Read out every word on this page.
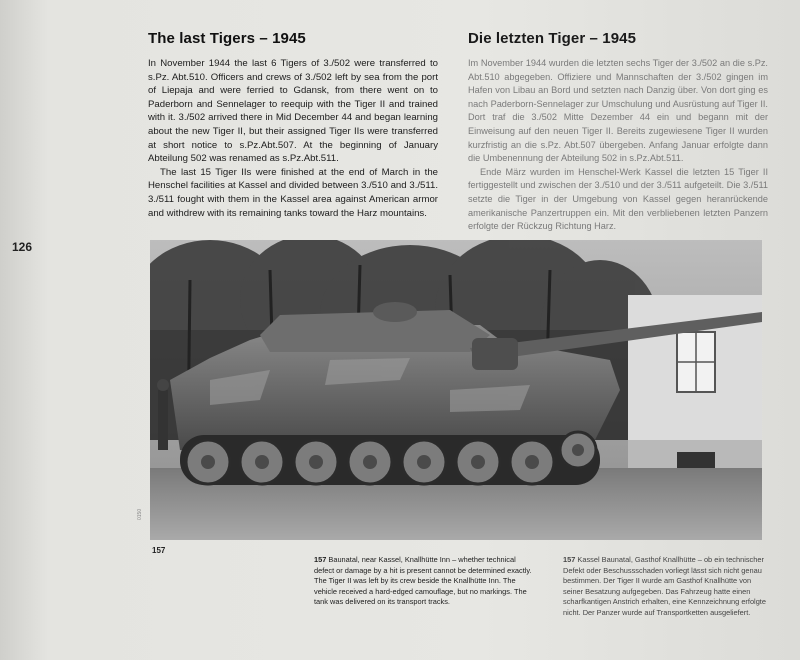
The last Tigers – 1945

In November 1944 the last 6 Tigers of 3./502 were transferred to s.Pz. Abt.510. Officers and crews of 3./502 left by sea from the port of Liepaja and were ferried to Gdansk, from there went on to Paderborn and Sennelager to reequip with the Tiger II and trained with it. 3./502 arrived there in Mid December 44 and began learning about the new Tiger II, but their assigned Tiger IIs were transferred at short notice to s.Pz.Abt.507. At the beginning of January Abteilung 502 was renamed as s.Pz.Abt.511.

The last 15 Tiger IIs were finished at the end of March in the Henschel facilities at Kassel and divided between 3./510 and 3./511. 3./511 fought with them in the Kassel area against American armor and withdrew with its remaining tanks toward the Harz mountains.

Die letzten Tiger – 1945

Im November 1944 wurden die letzten sechs Tiger der 3./502 an die s.Pz. Abt.510 abgegeben. Offiziere und Mannschaften der 3./502 gingen im Hafen von Libau an Bord und setzten nach Danzig über. Von dort ging es nach Paderborn-Sennelager zur Umschulung und Ausrüstung auf Tiger II. Dort traf die 3./502 Mitte Dezember 44 ein und begann mit der Einweisung auf den neuen Tiger II. Bereits zugewiesene Tiger II wurden kurzfristig an die s.Pz. Abt.507 übergeben. Anfang Januar erfolgte dann die Umbenennung der Abteilung 502 in s.Pz.Abt.511.

Ende März wurden im Henschel-Werk Kassel die letzten 15 Tiger II fertiggestellt und zwischen der 3./510 und der 3./511 aufgeteilt. Die 3./511 setzte die Tiger in der Umgebung von Kassel gegen heranrückende amerikanische Panzertruppen ein. Mit den verbliebenen letzten Panzern erfolgte der Rückzug Richtung Harz.

126
0150
157
157 Baunatal, near Kassel, Knallhütte Inn – whether technical defect or damage by a hit is present cannot be determined exactly. The Tiger II was left by its crew beside the Knallhütte Inn. The vehicle received a hard-edged camouflage, but no markings. The tank was delivered on its transport tracks.
157 Kassel Baunatal, Gasthof Knallhütte – ob ein technischer Defekt oder Beschussschaden vorliegt lässt sich nicht genau bestimmen. Der Tiger II wurde am Gasthof Knallhütte von seiner Besatzung aufgegeben. Das Fahrzeug hatte einen scharfkantigen Anstrich erhalten, eine Kennzeichnung erfolgte nicht. Der Panzer wurde auf Transportketten ausgeliefert.
